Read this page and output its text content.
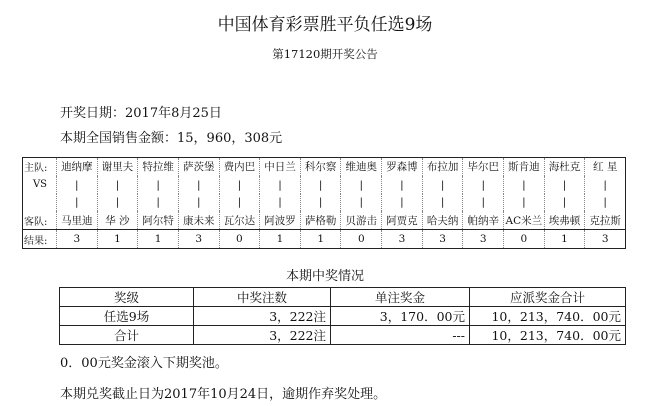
中国体育彩票胜平负任选9场
第17120期开奖公告
开奖日期：2017年8月25日
本期全国销售金额：15，960，308元
主队:	迪纳摩	谢里夫	特拉维	萨茨堡	费内巴	中日兰	科尔察	维迪奥	罗森博	布拉加	毕尔巴	斯肯迪	海杜克	红 星
VS	|	|	|	|	|	|	|	|	|	|	|	|	|	|
	|	|	|	|	|	|	|	|	|	|	|	|	|	|
客队:	马里迪	华 沙	阿尔特	康未来	瓦尔达	阿波罗	萨格勒	贝游击	阿贾克	哈夫纳	帕纳辛	AC米兰	埃弗顿	克拉斯
结果:	3	1	1	3	0	1	1	0	3	3	3	0	1	3
本期中奖情况
奖级	中奖注数	单注奖金	应派奖金合计
任选9场	3，222注	3，170．00元	10，213，740．00元
合计	3，222注	---	10，213，740．00元
0．00元奖金滚入下期奖池。
本期兑奖截止日为2017年10月24日，逾期作弃奖处理。
